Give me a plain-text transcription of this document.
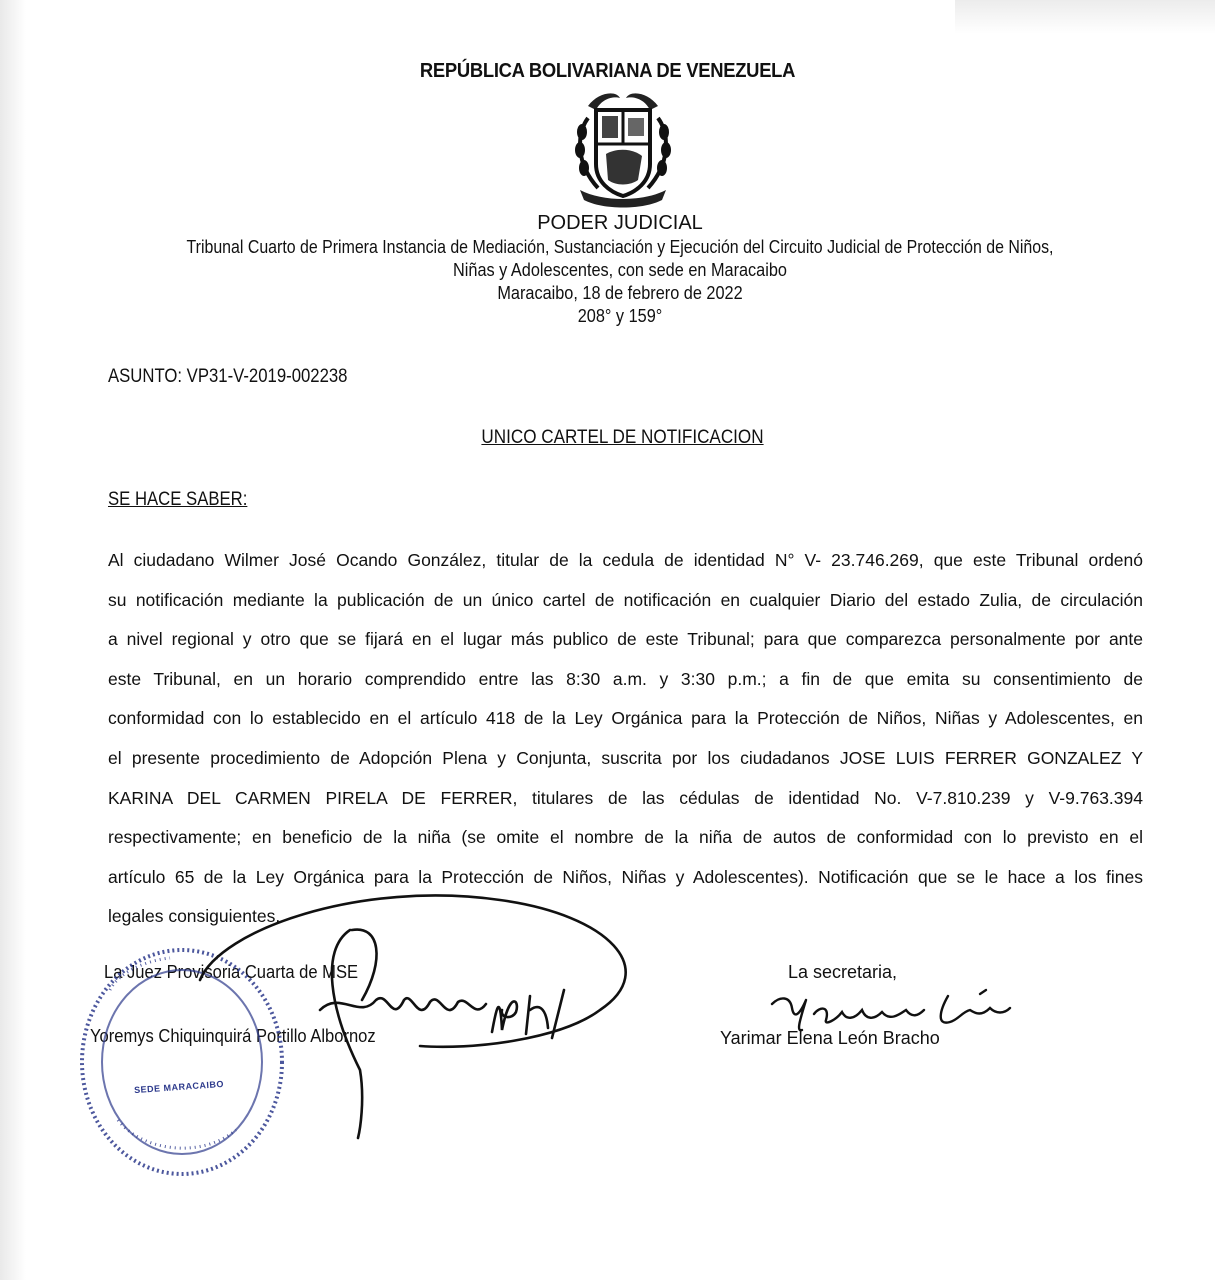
REPÚBLICA BOLIVARIANA DE VENEZUELA
PODER JUDICIAL
Tribunal Cuarto de Primera Instancia de Mediación, Sustanciación y Ejecución del Circuito Judicial de Protección de Niños,
Niñas y Adolescentes, con sede en Maracaibo
Maracaibo, 18 de febrero de 2022
208° y 159°
ASUNTO: VP31-V-2019-002238
UNICO CARTEL DE NOTIFICACION
SE HACE SABER:
Al ciudadano Wilmer José Ocando González, titular de la cedula de identidad N° V- 23.746.269, que este Tribunal ordenó
su notificación mediante la publicación de un único cartel de notificación en cualquier Diario del estado Zulia, de circulación
a nivel regional y otro que se fijará en el lugar más publico de este Tribunal; para que comparezca personalmente por ante
este Tribunal, en un horario comprendido entre las 8:30 a.m. y 3:30 p.m.; a fin de que emita su consentimiento de
conformidad con lo establecido en el artículo 418 de la Ley Orgánica para la Protección de Niños, Niñas y Adolescentes, en
el presente procedimiento de Adopción Plena y Conjunta, suscrita por los ciudadanos JOSE LUIS FERRER GONZALEZ Y
KARINA DEL CARMEN PIRELA DE FERRER, titulares de las cédulas de identidad No. V-7.810.239 y V-9.763.394
respectivamente; en beneficio de la niña (se omite el nombre de la niña de autos de conformidad con lo previsto en el
artículo 65 de la Ley Orgánica para la Protección de Niños, Niñas y Adolescentes). Notificación que se le hace a los fines
legales consiguientes.
La Juez Provisoria Cuarta de MSE
Yoremys Chiquinquirá Portillo Albornoz
La secretaria,
Yarimar Elena León Bracho
SEDE MARACAIBO
